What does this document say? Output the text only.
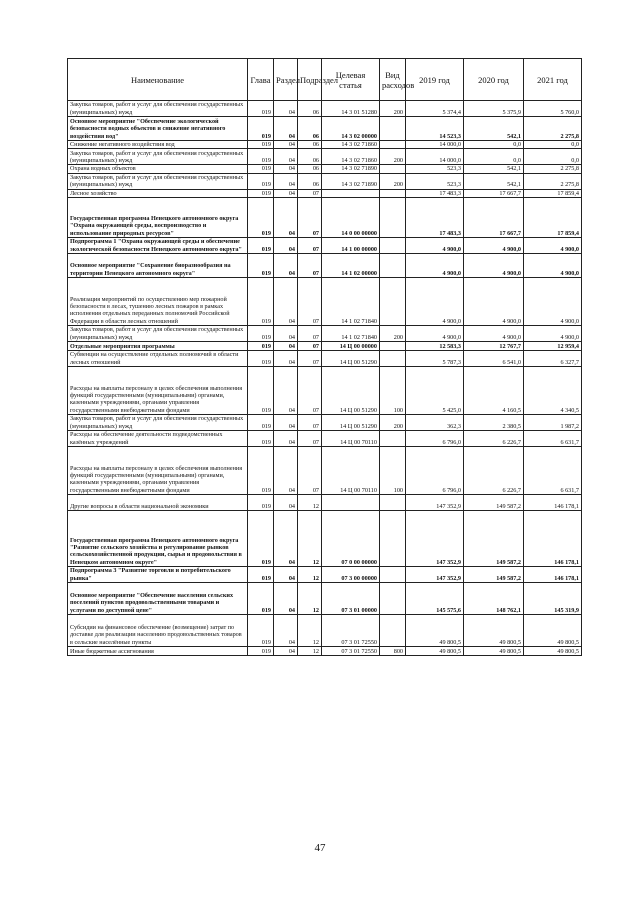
Наименование	Глава	Раздел	Подраздел	Целевая статья	Вид расходов	2019 год	2020 год	2021 год
Закупка товаров, работ и услуг для обеспечения государственных (муниципальных) нужд	019	04	06	14 3 01 51280	200	5 374,4	5 375,9	5 760,0
Основное мероприятие "Обеспечение экологической безопасности водных объектов и снижение негативного воздействия вод"	019	04	06	14 3 02 00000		14 523,3	542,1	2 275,8
Снижение негативного воздействия вод	019	04	06	14 3 02 71860		14 000,0	0,0	0,0
Закупка товаров, работ и услуг для обеспечения государственных (муниципальных) нужд	019	04	06	14 3 02 71860	200	14 000,0	0,0	0,0
Охрана водных объектов	019	04	06	14 3 02 71890		523,3	542,1	2 275,8
Закупка товаров, работ и услуг для обеспечения государственных (муниципальных) нужд	019	04	06	14 3 02 71890	200	523,3	542,1	2 275,8
Лесное хозяйство	019	04	07			17 483,3	17 667,7	17 859,4
Государственная программа Ненецкого автономного округа "Охрана окружающей среды, воспроизводство и использование природных ресурсов"	019	04	07	14 0 00 00000		17 483,3	17 667,7	17 859,4
Подпрограмма 1 "Охрана окружающей среды и обеспечение экологической безопасности Ненецкого автономного округа"	019	04	07	14 1 00 00000		4 900,0	4 900,0	4 900,0
Основное мероприятие "Сохранение биоразнообразия на территории Ненецкого автономного округа"	019	04	07	14 1 02 00000		4 900,0	4 900,0	4 900,0
Реализация мероприятий по осуществлению мер пожарной безопасности в лесах, тушению лесных пожаров в рамках исполнения отдельных переданных полномочий Российской Федерации в области лесных отношений	019	04	07	14 1 02 71840		4 900,0	4 900,0	4 900,0
Закупка товаров, работ и услуг для обеспечения государственных (муниципальных) нужд	019	04	07	14 1 02 71840	200	4 900,0	4 900,0	4 900,0
Отдельные мероприятия программы	019	04	07	14 Ц 00 00000		12 583,3	12 767,7	12 959,4
Субвенции на осуществление отдельных полномочий в области лесных отношений	019	04	07	14 Ц 00 51290		5 787,3	6 541,0	6 327,7
Расходы на выплаты персоналу в целях обеспечения выполнения функций государственными (муниципальными) органами, казенными учреждениями, органами управления государственными внебюджетными фондами	019	04	07	14 Ц 00 51290	100	5 425,0	4 160,5	4 340,5
Закупка товаров, работ и услуг для обеспечения государственных (муниципальных) нужд	019	04	07	14 Ц 00 51290	200	362,3	2 380,5	1 987,2
Расходы на обеспечение деятельности подведомственных казённых учреждений	019	04	07	14 Ц 00 70110		6 796,0	6 226,7	6 631,7
Расходы на выплаты персоналу в целях обеспечения выполнения функций государственными (муниципальными) органами, казенными учреждениями, органами управления государственными внебюджетными фондами	019	04	07	14 Ц 00 70110	100	6 796,0	6 226,7	6 631,7
Другие вопросы в области национальной экономики	019	04	12			147 352,9	149 587,2	146 178,1
Государственная программа Ненецкого автономного округа "Развитие сельского хозяйства и регулирование рынков сельскохозяйственной продукции, сырья и продовольствия в Ненецком автономном округе"	019	04	12	07 0 00 00000		147 352,9	149 587,2	146 178,1
Подпрограмма 3 "Развитие торговли и потребительского рынка"	019	04	12	07 3 00 00000		147 352,9	149 587,2	146 178,1
Основное мероприятие "Обеспечение населения сельских поселений пунктов продовольственными товарами и услугами по доступной цене"	019	04	12	07 3 01 00000		145 575,6	148 762,1	145 319,9
Субсидии на финансовое обеспечение (возмещение) затрат по доставке для реализации населению продовольственных товаров в сельские населённые пункты	019	04	12	07 3 01 72550		49 800,5	49 800,5	49 800,5
Иные бюджетные ассигнования	019	04	12	07 3 01 72550	800	49 800,5	49 800,5	49 800,5
47
